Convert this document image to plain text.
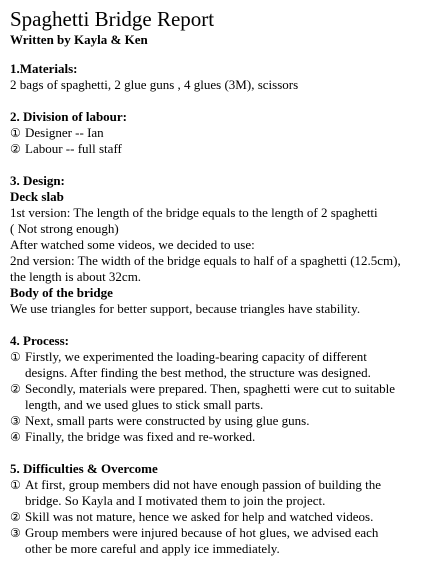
Spaghetti Bridge Report

Written by Kayla & Ken

1.Materials:

2 bags of spaghetti, 2 glue guns , 4 glues (3M), scissors

2. Division of labour:

① Designer -- Ian
② Labour -- full staff

3. Design:

Deck slab

1st version: The length of the bridge equals to the length of 2 spaghetti

( Not strong enough)

After watched some videos, we decided to use:

2nd version: The width of the bridge equals to half of a spaghetti (12.5cm),

the length is about 32cm.

Body of the bridge

We use triangles for better support, because triangles have stability.

4. Process:

① Firstly, we experimented the loading-bearing capacity of different
designs. After finding the best method, the structure was designed.
② Secondly, materials were prepared. Then, spaghetti were cut to suitable
length, and we used glues to stick small parts.
③ Next, small parts were constructed by using glue guns.
④ Finally, the bridge was fixed and re-worked.

5. Difficulties & Overcome

① At first, group members did not have enough passion of building the
bridge. So Kayla and I motivated them to join the project.
② Skill was not mature, hence we asked for help and watched videos.
③ Group members were injured because of hot glues, we advised each
other be more careful and apply ice immediately.
